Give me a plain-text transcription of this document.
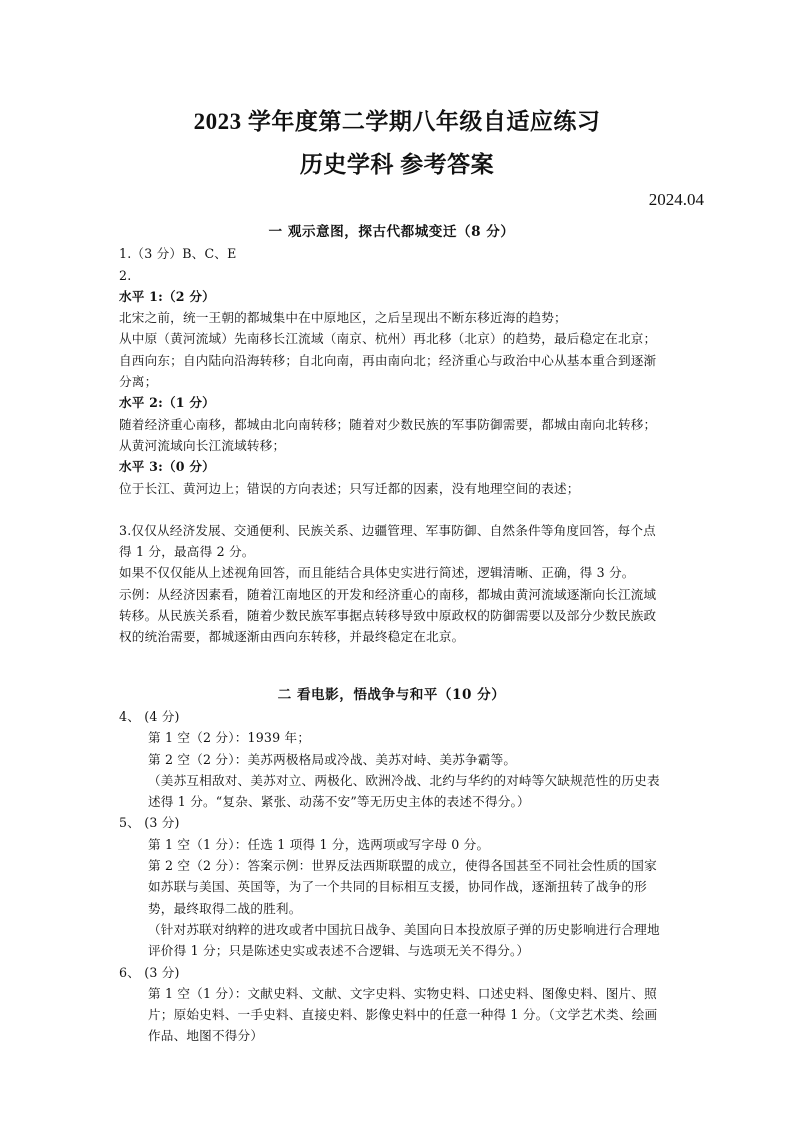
2023 学年度第二学期八年级自适应练习
历史学科 参考答案
2024.04
一 观示意图，探古代都城变迁（8 分）
1.（3 分）B、C、E
2.
水平 1:（2 分）
北宋之前，统一王朝的都城集中在中原地区，之后呈现出不断东移近海的趋势；
从中原（黄河流域）先南移长江流域（南京、杭州）再北移（北京）的趋势，最后稳定在北京；自西向东；自内陆向沿海转移；自北向南，再由南向北；经济重心与政治中心从基本重合到逐渐分离；
水平 2:（1 分）
随着经济重心南移，都城由北向南转移；随着对少数民族的军事防御需要，都城由南向北转移；从黄河流域向长江流域转移；
水平 3:（0 分）
位于长江、黄河边上；错误的方向表述；只写迁都的因素，没有地理空间的表述；
3.仅仅从经济发展、交通便利、民族关系、边疆管理、军事防御、自然条件等角度回答，每个点得 1 分，最高得 2 分。
如果不仅仅能从上述视角回答，而且能结合具体史实进行简述，逻辑清晰、正确，得 3 分。
示例：从经济因素看，随着江南地区的开发和经济重心的南移，都城由黄河流域逐渐向长江流域转移。从民族关系看，随着少数民族军事据点转移导致中原政权的防御需要以及部分少数民族政权的统治需要，都城逐渐由西向东转移，并最终稳定在北京。
二 看电影，悟战争与和平（10 分）
4、 (4 分)
第 1 空（2 分）：1939 年；
第 2 空（2 分）：美苏两极格局或冷战、美苏对峙、美苏争霸等。
（美苏互相敌对、美苏对立、两极化、欧洲冷战、北约与华约的对峙等欠缺规范性的历史表述得 1 分。“复杂、紧张、动荡不安”等无历史主体的表述不得分。）
5、 (3 分)
第 1 空（1 分）：任选 1 项得 1 分，选两项或写字母 0 分。
第 2 空（2 分）：答案示例：世界反法西斯联盟的成立，使得各国甚至不同社会性质的国家如苏联与美国、英国等，为了一个共同的目标相互支援，协同作战，逐渐扭转了战争的形势，最终取得二战的胜利。
（针对苏联对纳粹的进攻或者中国抗日战争、美国向日本投放原子弹的历史影响进行合理地评价得 1 分；只是陈述史实或表述不合逻辑、与选项无关不得分。）
6、 (3 分)
第 1 空（1 分）：文献史料、文献、文字史料、实物史料、口述史料、图像史料、图片、照片；原始史料、一手史料、直接史料、影像史料中的任意一种得 1 分。（文学艺术类、绘画作品、地图不得分）
